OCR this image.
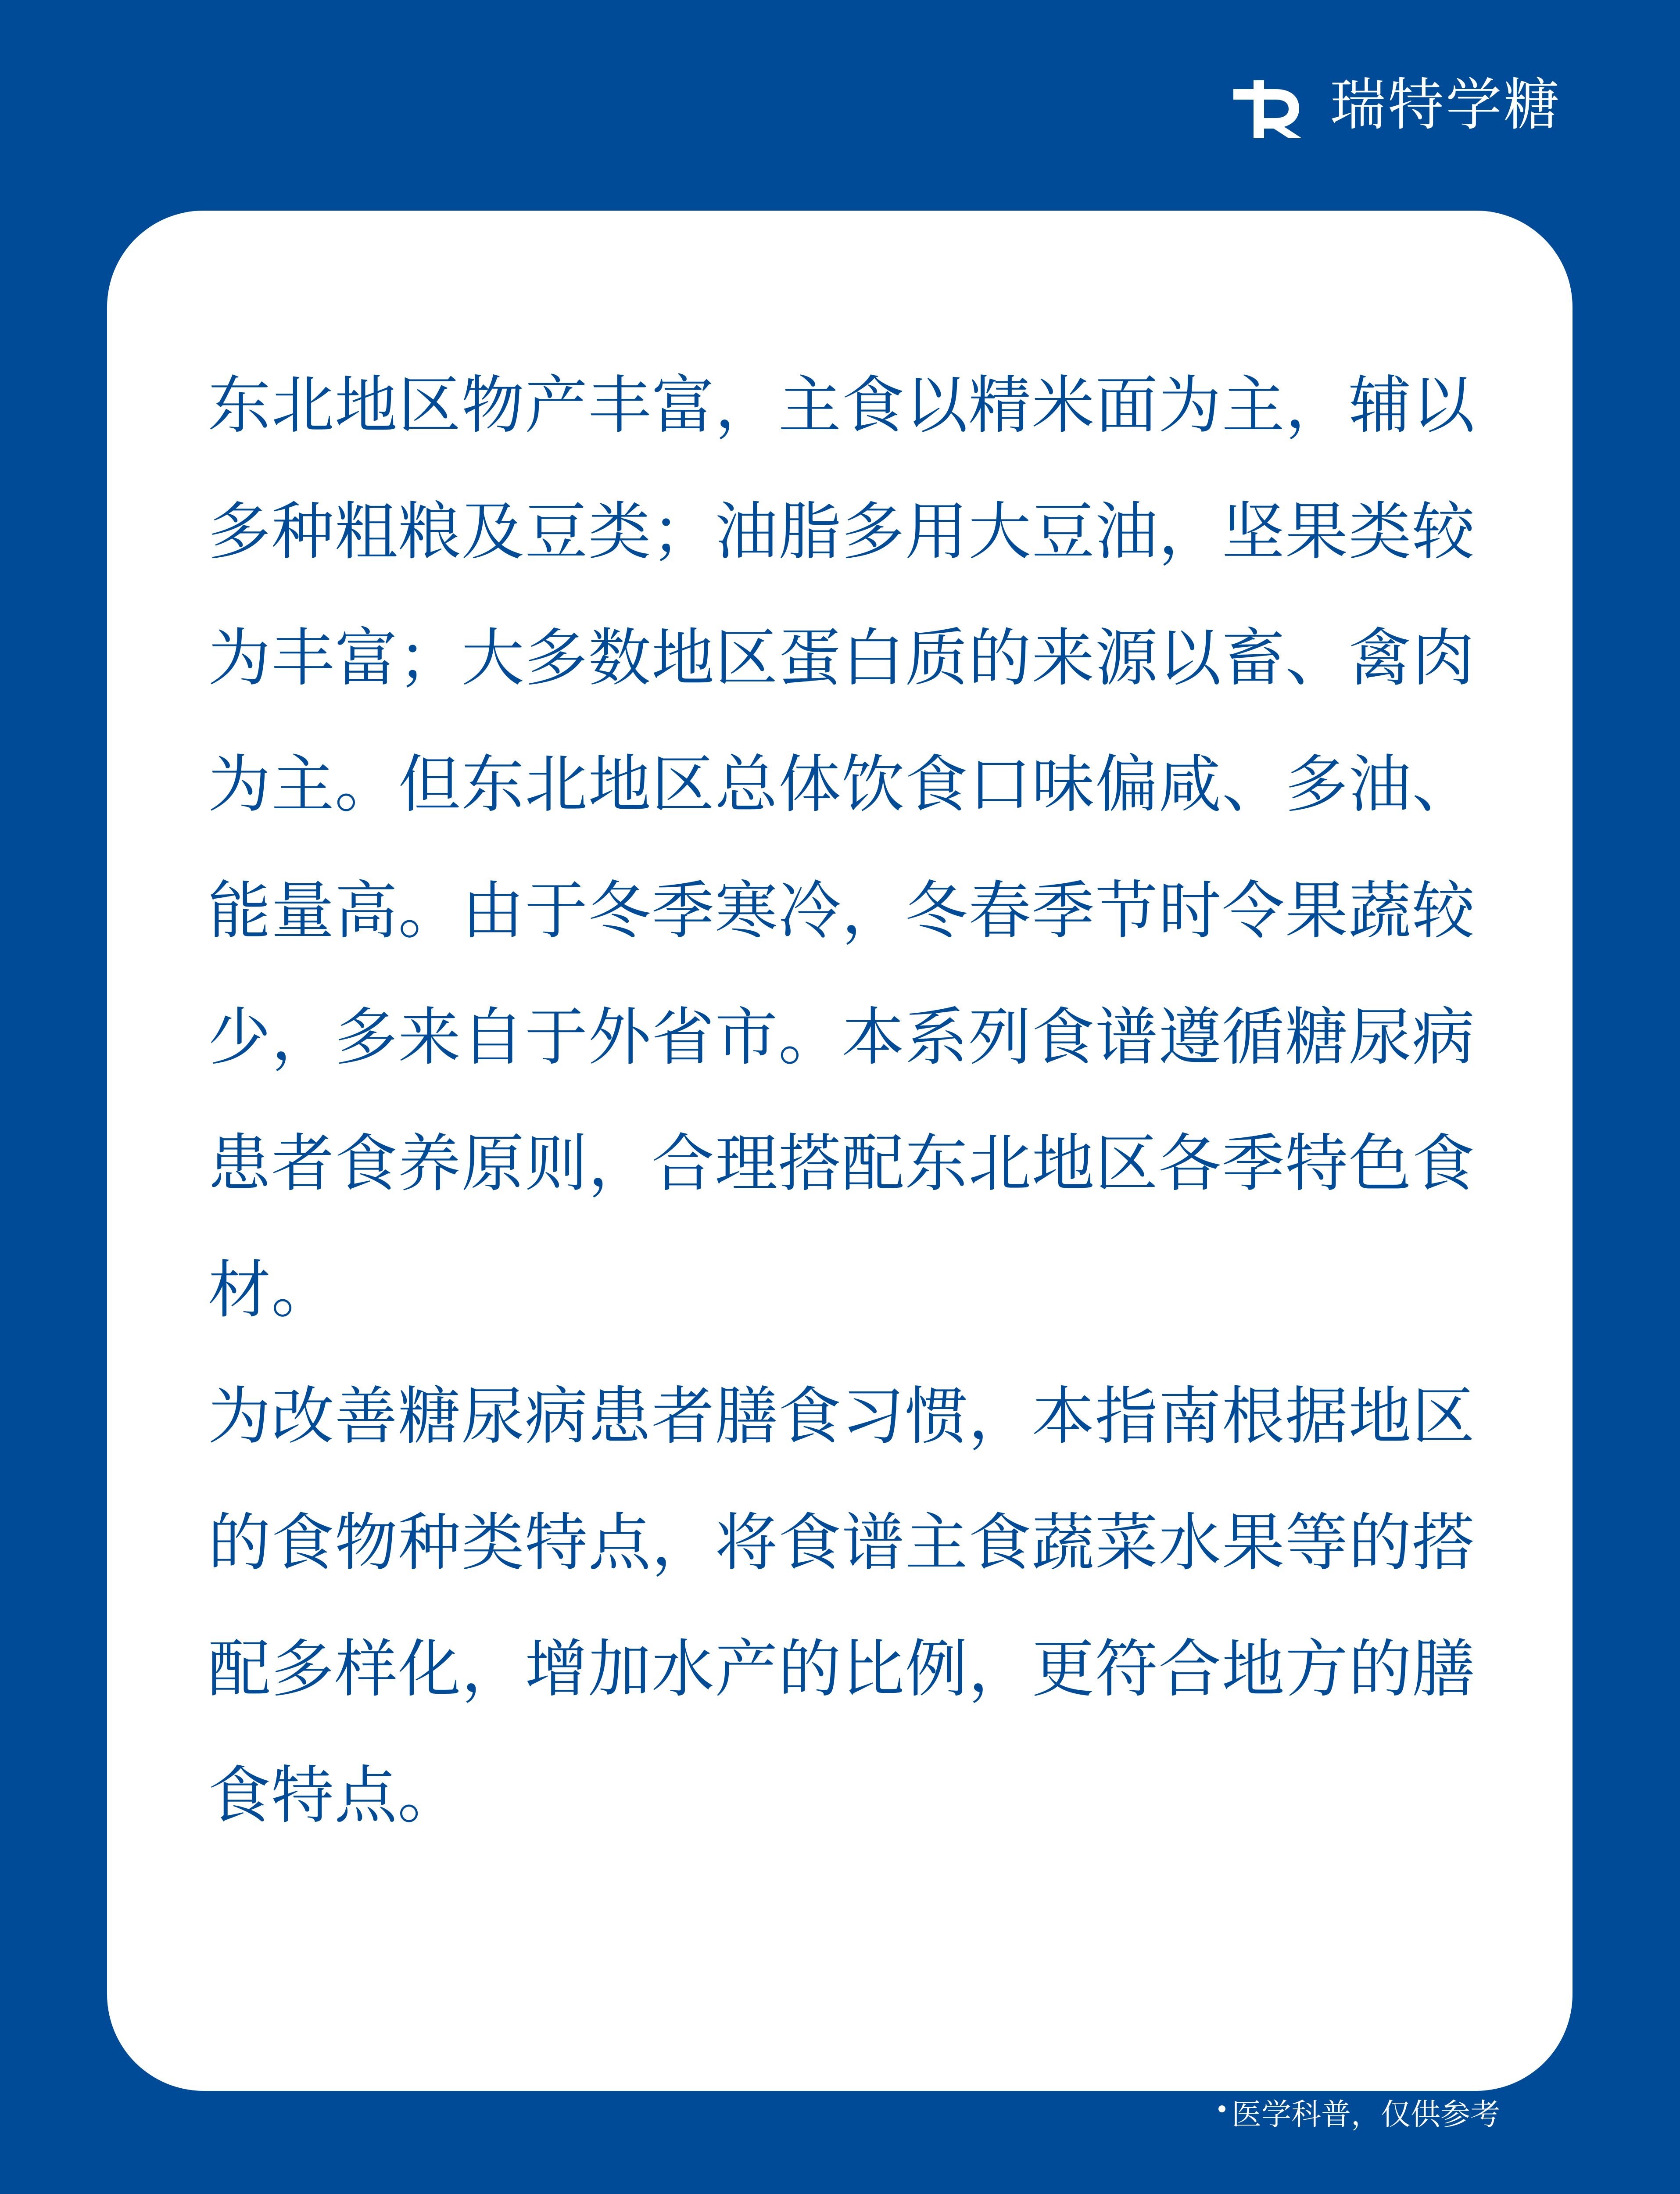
瑞特学糖

东北地区物产丰富，主食以精米面为主，辅以多种粗粮及豆类；油脂多用大豆油，坚果类较为丰富；大多数地区蛋白质的来源以畜、禽肉为主。但东北地区总体饮食口味偏咸、多油、能量高。由于冬季寒冷，冬春季节时令果蔬较少，多来自于外省市。本系列食谱遵循糖尿病患者食养原则，合理搭配东北地区各季特色食材。

为改善糖尿病患者膳食习惯，本指南根据地区的食物种类特点，将食谱主食蔬菜水果等的搭配多样化，增加水产的比例，更符合地方的膳食特点。

医学科普，仅供参考
